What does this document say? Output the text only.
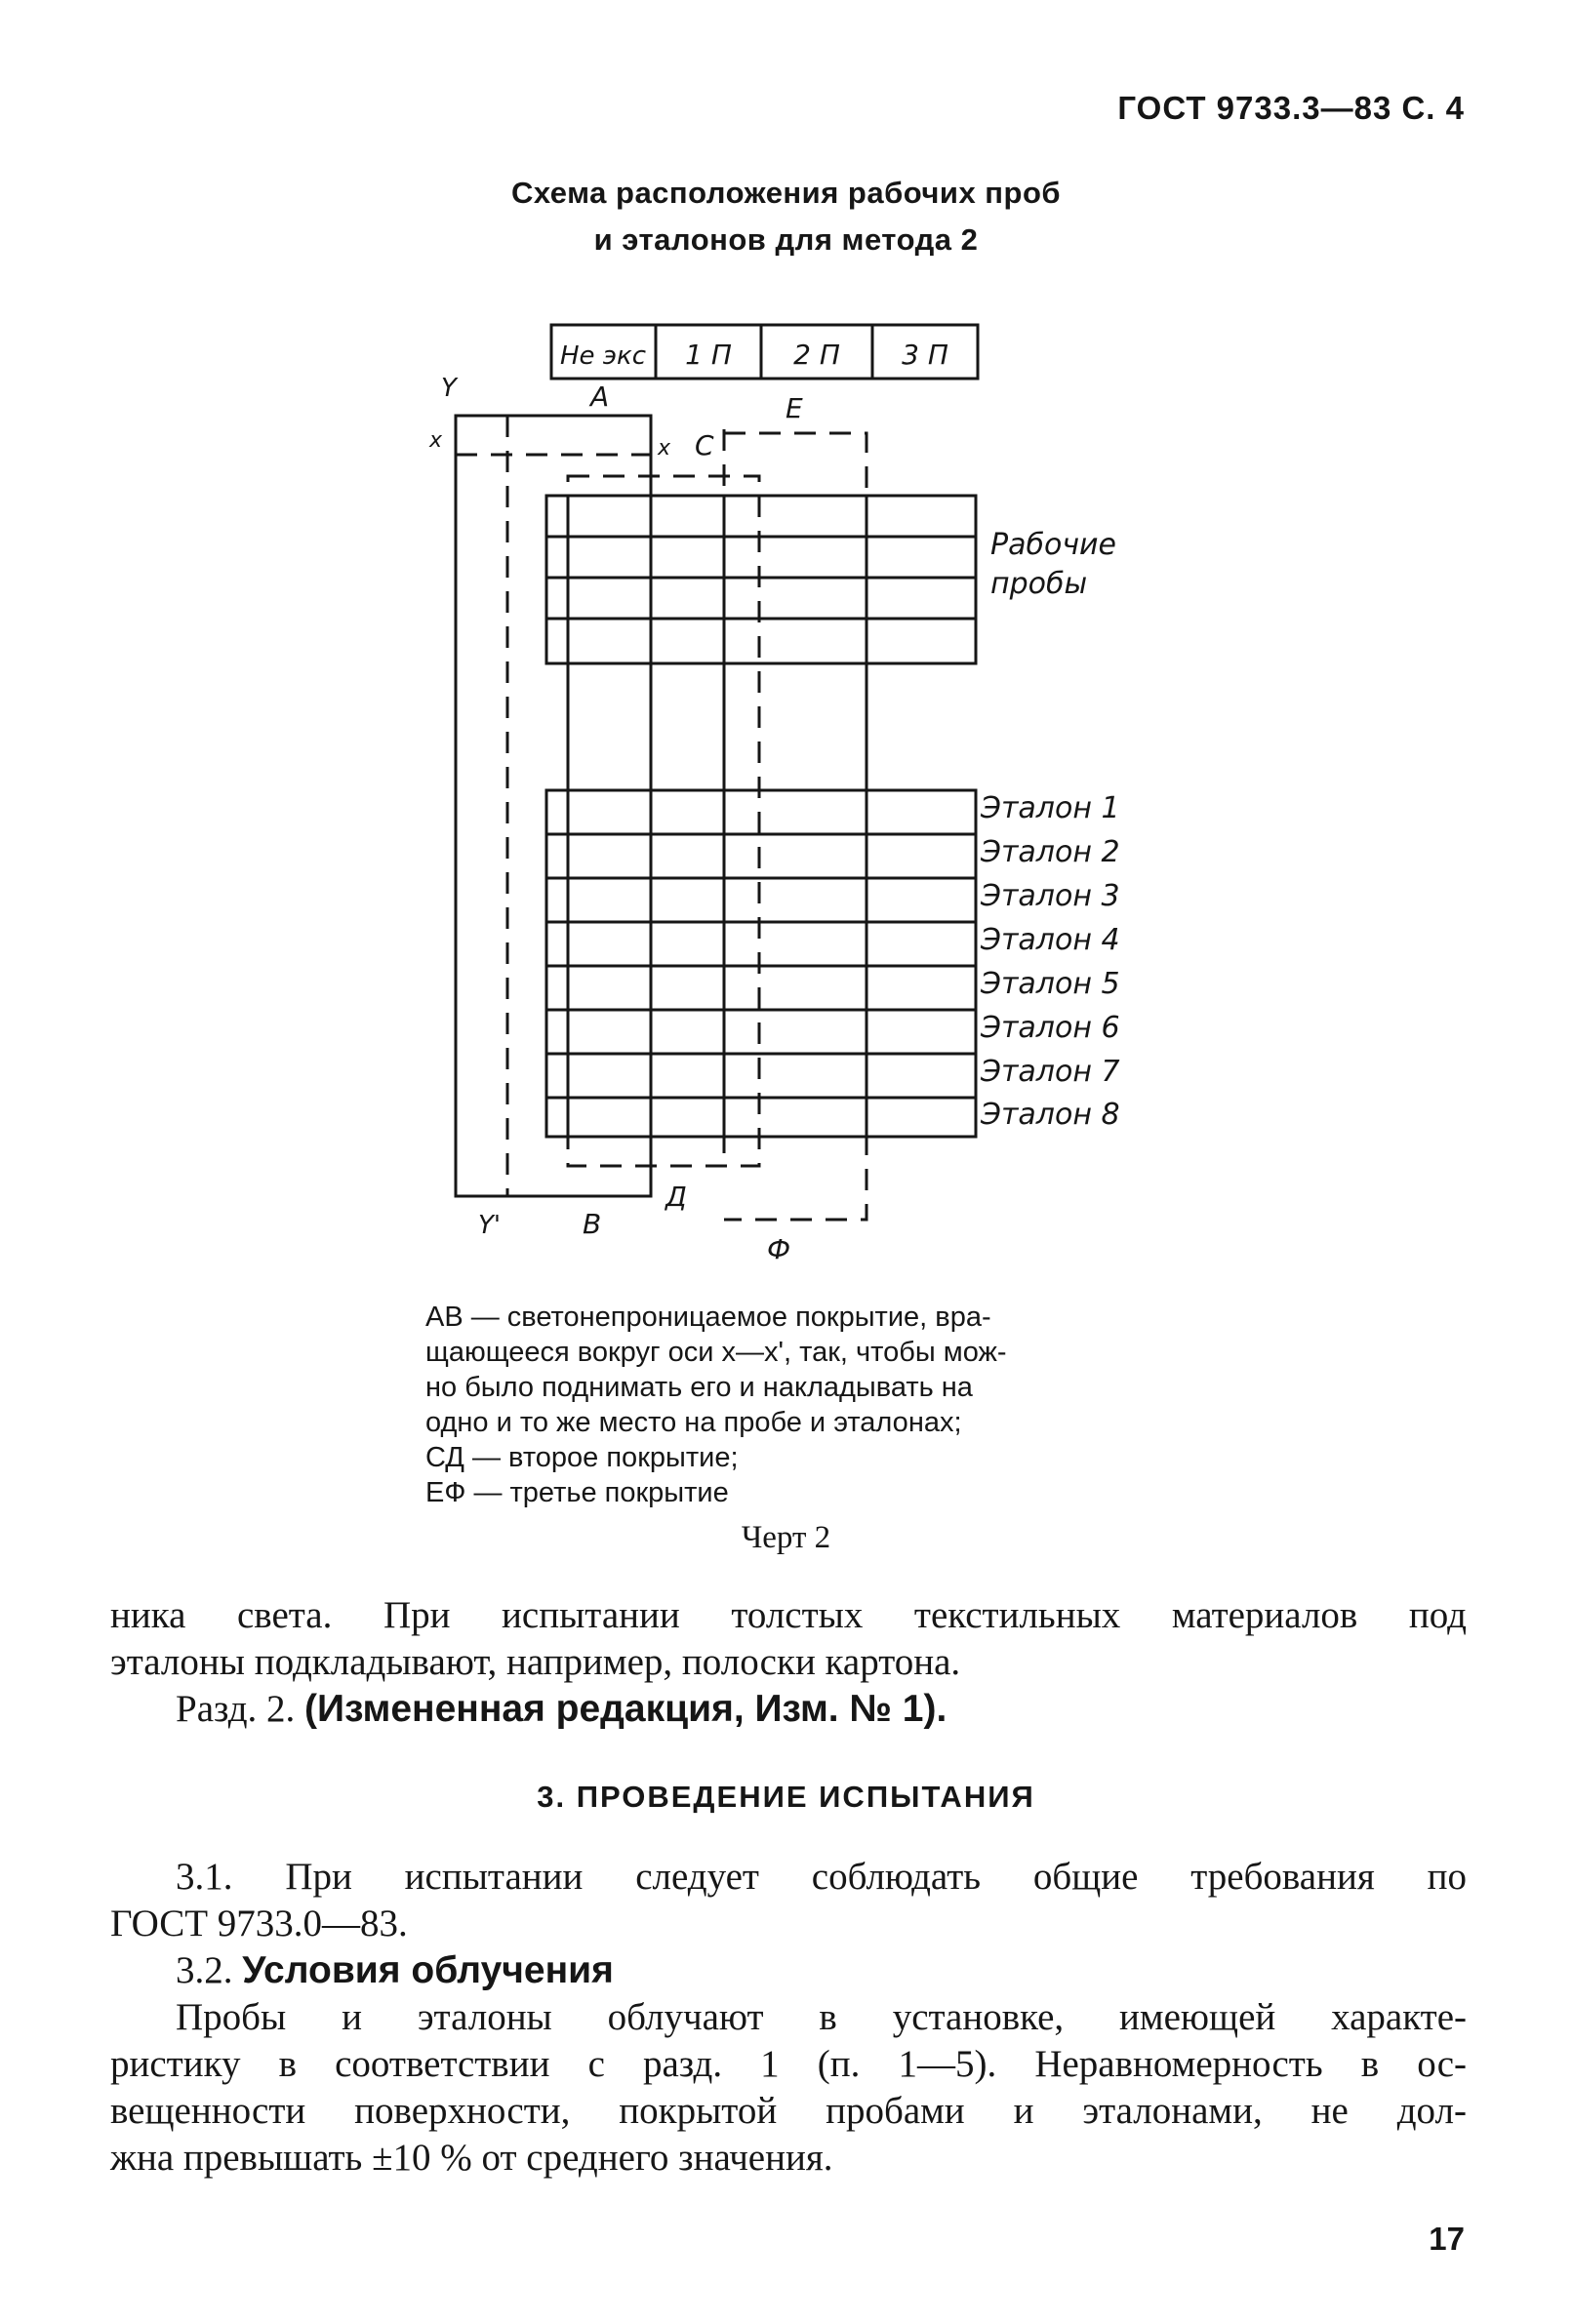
ГОСТ 9733.3—83 С. 4
Схема расположения рабочих проб
и эталонов для метода 2
Не экс 1 П 2 П 3 П
Y
x
A
x C
E
Y'	B
Д
Ф
Рабочие
пробы
Эталон 1
Эталон 2
Эталон 3
Эталон 4
Эталон 5
Эталон 6
Эталон 7
Эталон 8
АВ — светонепроницаемое покрытие, вра-
щающееся вокруг оси x—x', так, чтобы мож-
но было поднимать его и накладывать на
одно и то же место на пробе и эталонах;
СД — второе покрытие;
ЕФ — третье покрытие
Черт 2
ника света. При испытании толстых текстильных материалов под
эталоны подкладывают, например, полоски картона.
Разд. 2. (Измененная редакция, Изм. № 1).
3. ПРОВЕДЕНИЕ ИСПЫТАНИЯ
3.1. При испытании следует соблюдать общие требования по
ГОСТ 9733.0—83.
3.2. Условия облучения
Пробы и эталоны облучают в установке, имеющей характе-
ристику в соответствии с разд. 1 (п. 1—5). Неравномерность в ос-
вещенности поверхности, покрытой пробами и эталонами, не дол-
жна превышать ±10 % от среднего значения.
17
